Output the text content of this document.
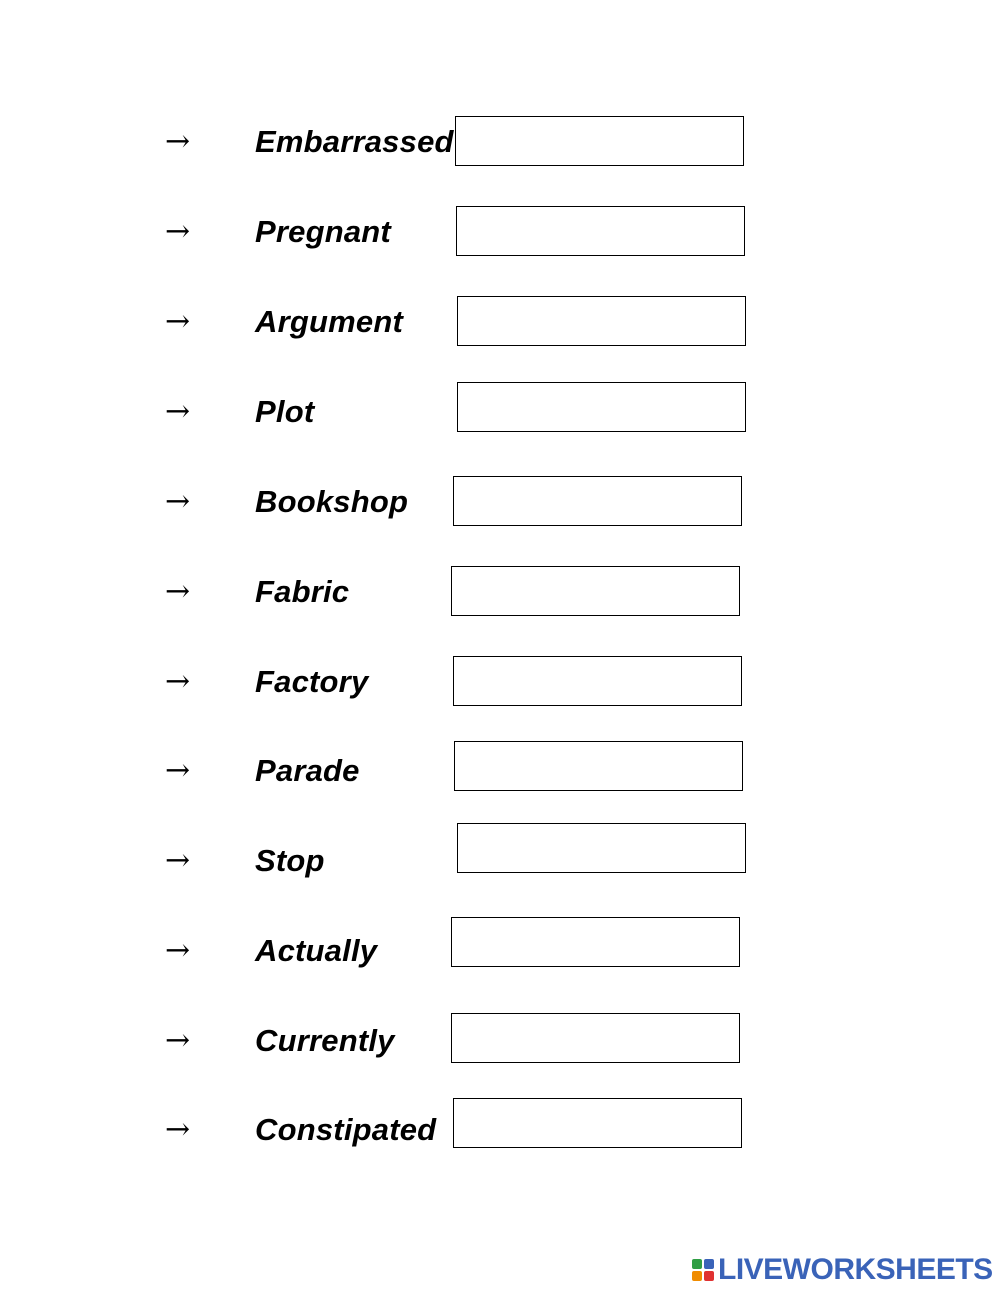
→ Embarrassed
→ Pregnant
→ Argument
→ Plot
→ Bookshop
→ Fabric
→ Factory
→ Parade
→ Stop
→ Actually
→ Currently
→ Constipated
LIVEWORKSHEETS
